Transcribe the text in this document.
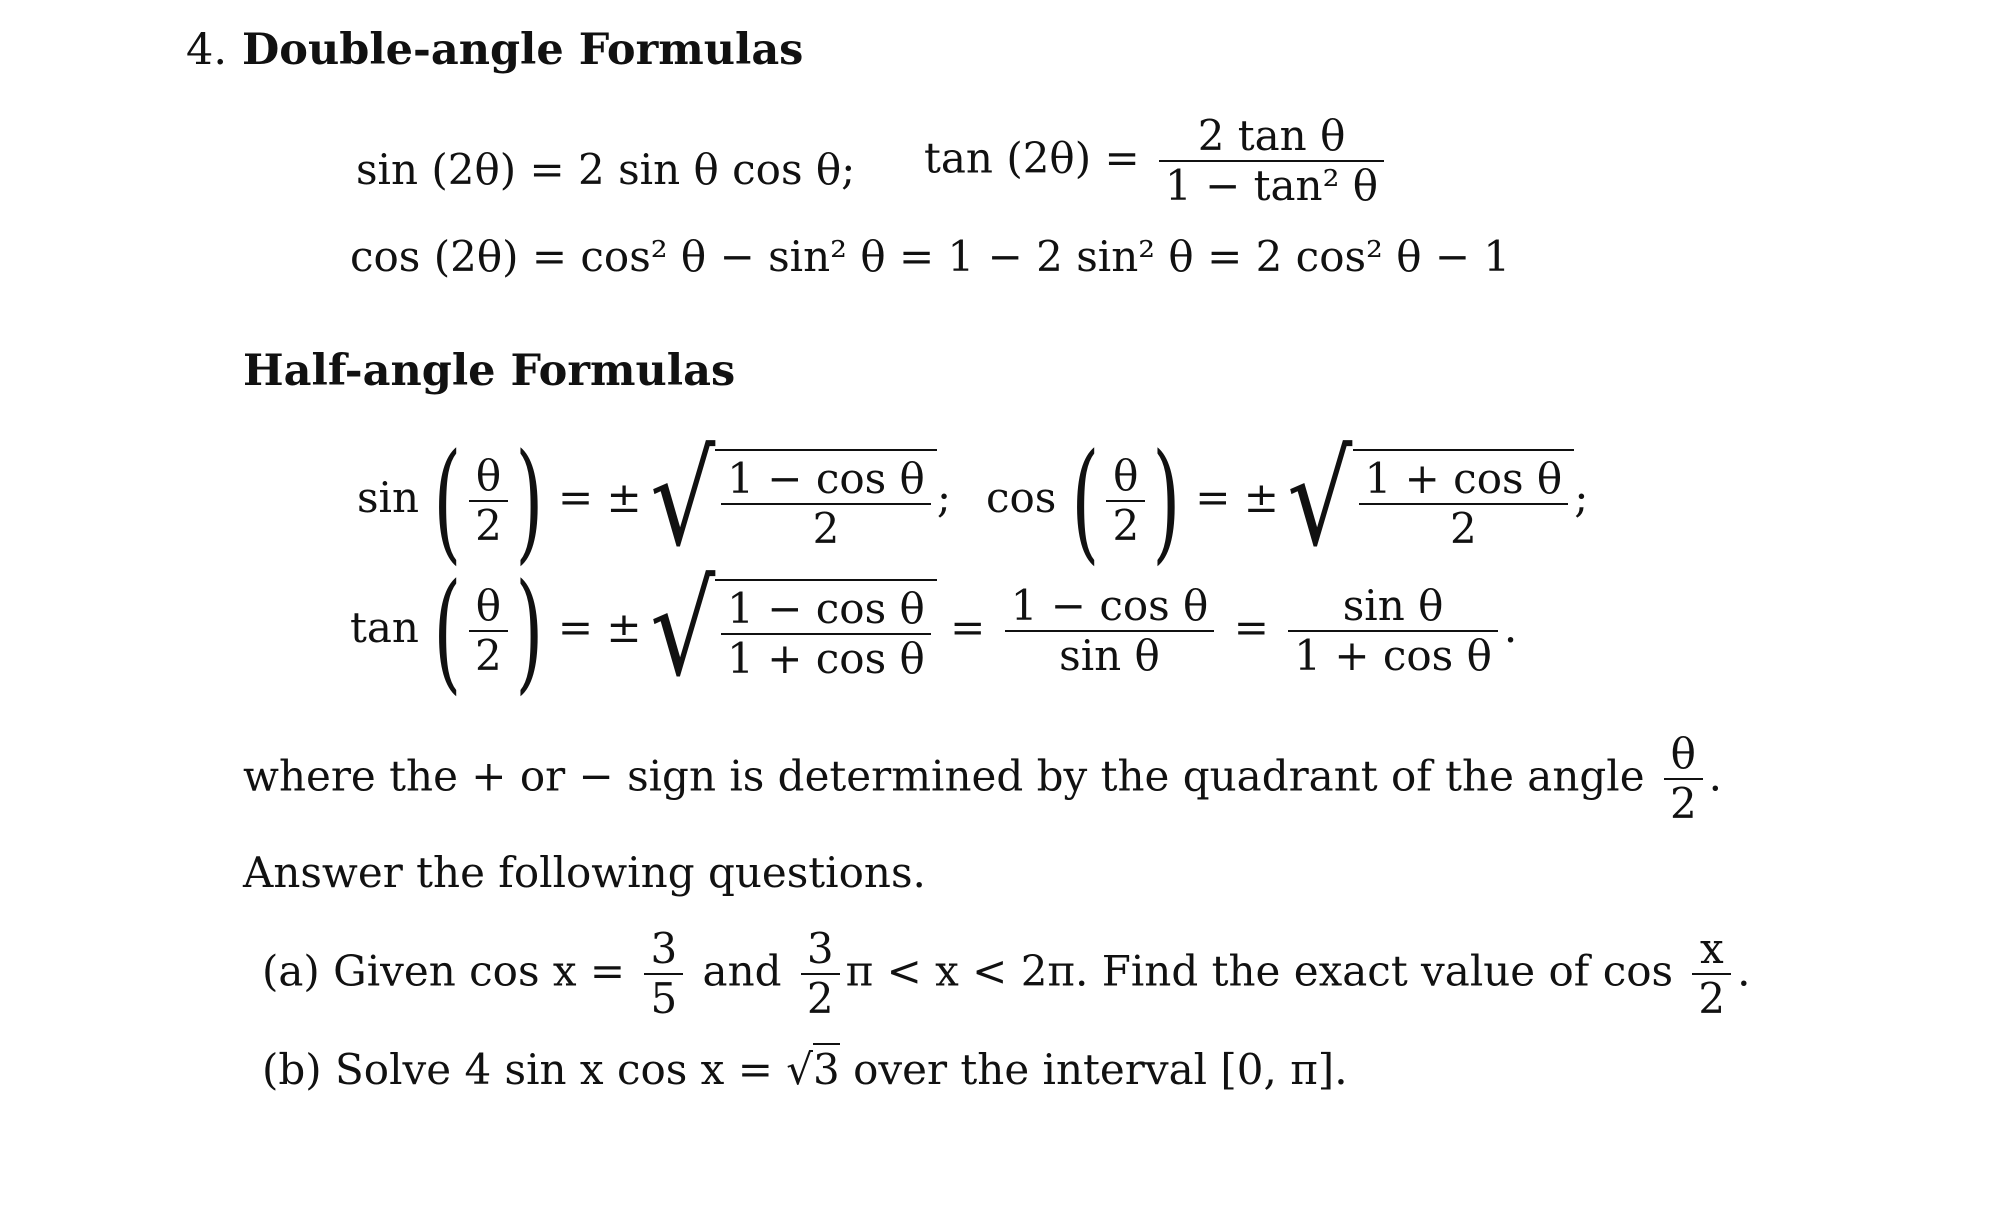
4. Double-angle Formulas
sin (2θ) = 2 sin θ cos θ; $\tan (2\theta) = \frac{\text{2 tan θ}}{\text{1 − tan² θ}}$
cos (2θ) = cos² θ − sin² θ = 1 − 2 sin² θ = 2 cos² θ − 1
Half-angle Formulas
sin ( $\frac{\theta}{2}$ ) = ±√ $\frac{\text{1 − cos θ}}{2}$ ; cos ( $\frac{\theta}{2}$ ) = ±√ $\frac{\text{1 + cos θ}}{2}$ ;
tan ( $\frac{\theta}{2}$ ) = ±√ $\frac{\text{1 − cos θ}}{\text{1 + cos θ}} = \frac{\text{1 − cos θ}}{\text{sin θ}} = \frac{\text{sin θ}}{\text{1 + cos θ}}$ .
where the + or − sign is determined by the quadrant of the angle $\frac{\theta}{2}$ .
Answer the following questions.
(a) Given $\cos x = \frac{3}{5}$ and $\frac{3}{2}$ π < x < 2π. Find the exact value of $\cos \frac{x}{2}$ .
(b) Solve 4 sin x cos x = √3 over the interval [0, π].
